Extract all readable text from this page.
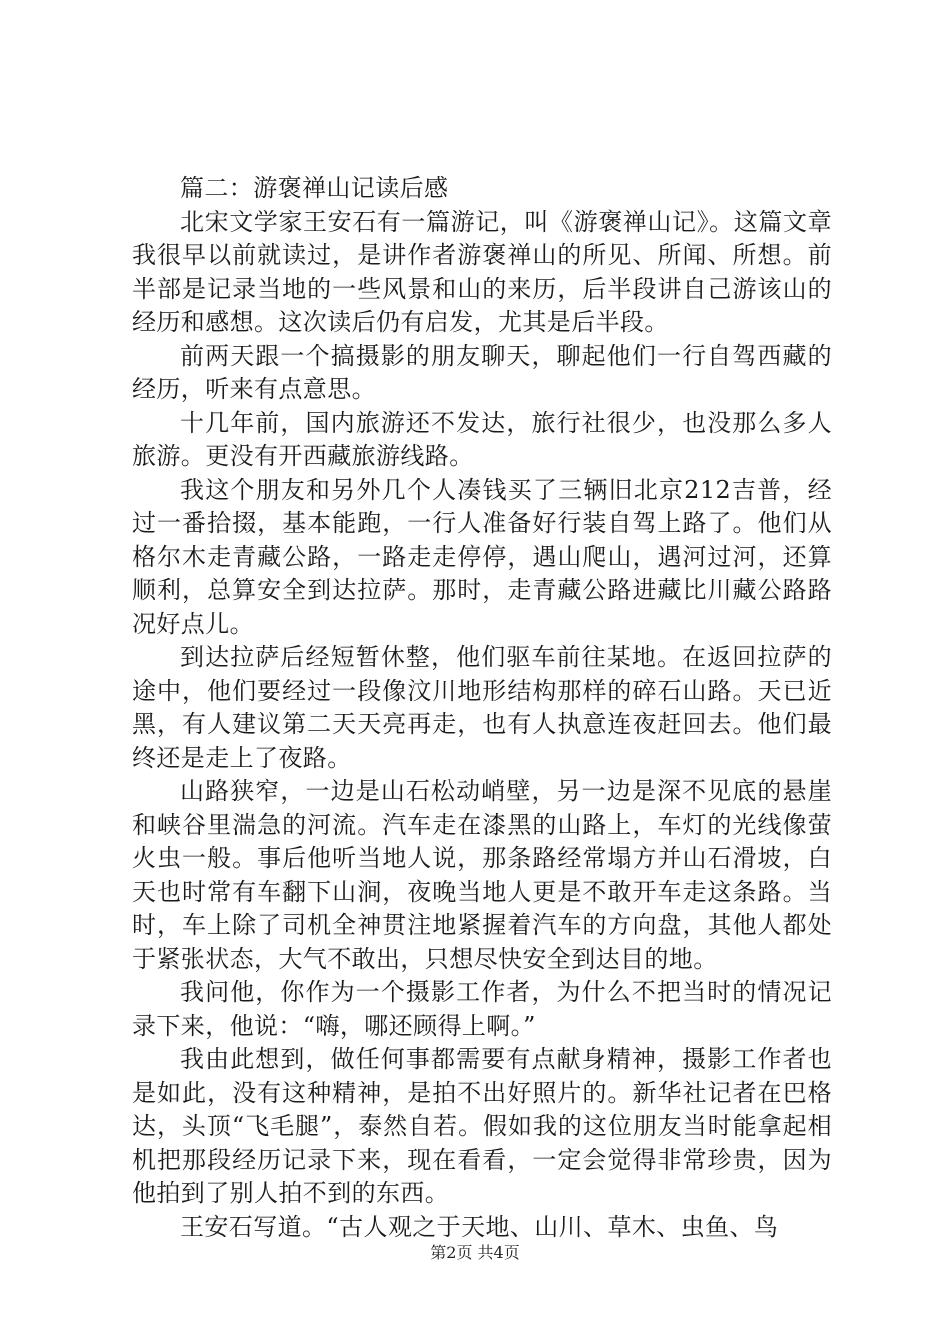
篇二：游褒禅山记读后感

北宋文学家王安石有一篇游记，叫《游褒禅山记》。这篇文章我很早以前就读过，是讲作者游褒禅山的所见、所闻、所想。前半部是记录当地的一些风景和山的来历，后半段讲自己游该山的经历和感想。这次读后仍有启发，尤其是后半段。

前两天跟一个搞摄影的朋友聊天，聊起他们一行自驾西藏的经历，听来有点意思。

十几年前，国内旅游还不发达，旅行社很少，也没那么多人旅游。更没有开西藏旅游线路。

我这个朋友和另外几个人凑钱买了三辆旧北京212吉普，经过一番拾掇，基本能跑，一行人准备好行装自驾上路了。他们从格尔木走青藏公路，一路走走停停，遇山爬山，遇河过河，还算顺利，总算安全到达拉萨。那时，走青藏公路进藏比川藏公路路况好点儿。

到达拉萨后经短暂休整，他们驱车前往某地。在返回拉萨的途中，他们要经过一段像汶川地形结构那样的碎石山路。天已近黑，有人建议第二天天亮再走，也有人执意连夜赶回去。他们最终还是走上了夜路。

山路狭窄，一边是山石松动峭壁，另一边是深不见底的悬崖和峡谷里湍急的河流。汽车走在漆黑的山路上，车灯的光线像萤火虫一般。事后他听当地人说，那条路经常塌方并山石滑坡，白天也时常有车翻下山涧，夜晚当地人更是不敢开车走这条路。当时，车上除了司机全神贯注地紧握着汽车的方向盘，其他人都处于紧张状态，大气不敢出，只想尽快安全到达目的地。

我问他，你作为一个摄影工作者，为什么不把当时的情况记录下来，他说：“嗨，哪还顾得上啊。”

我由此想到，做任何事都需要有点献身精神，摄影工作者也是如此，没有这种精神，是拍不出好照片的。新华社记者在巴格达，头顶“飞毛腿”，泰然自若。假如我的这位朋友当时能拿起相机把那段经历记录下来，现在看看，一定会觉得非常珍贵，因为他拍到了别人拍不到的东西。

王安石写道。“古人观之于天地、山川、草木、虫鱼、鸟

第2页 共4页
